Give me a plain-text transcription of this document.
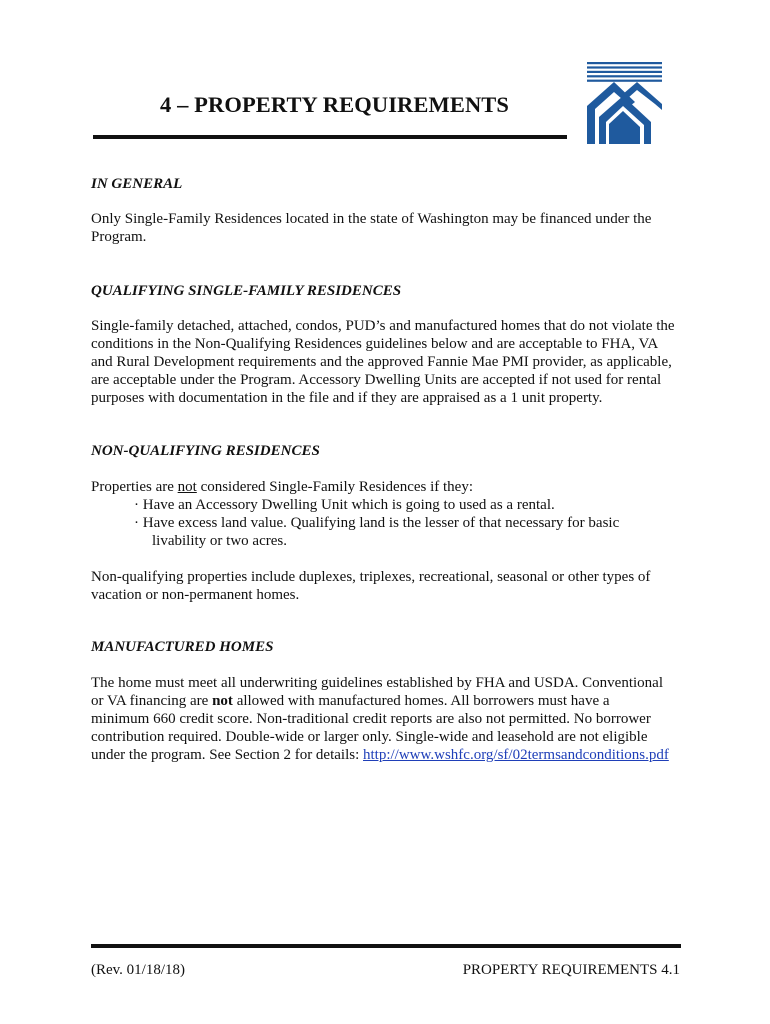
4 – PROPERTY REQUIREMENTS
IN GENERAL
Only Single-Family Residences located in the state of Washington may be financed under the
Program.
QUALIFYING SINGLE-FAMILY RESIDENCES
Single-family detached, attached, condos, PUD’s and manufactured homes that do not violate the
conditions in the Non-Qualifying Residences guidelines below and are acceptable to FHA, VA
and Rural Development requirements and the approved Fannie Mae PMI provider, as applicable,
are acceptable under the Program. Accessory Dwelling Units are accepted if not used for rental
purposes with documentation in the file and if they are appraised as a 1 unit property.
NON-QUALIFYING RESIDENCES
Properties are not considered Single-Family Residences if they:
· Have an Accessory Dwelling Unit which is going to used as a rental.
· Have excess land value. Qualifying land is the lesser of that necessary for basic
livability or two acres.
Non-qualifying properties include duplexes, triplexes, recreational, seasonal or other types of
vacation or non-permanent homes.
MANUFACTURED HOMES
The home must meet all underwriting guidelines established by FHA and USDA. Conventional
or VA financing are not allowed with manufactured homes. All borrowers must have a
minimum 660 credit score. Non-traditional credit reports are also not permitted. No borrower
contribution required. Double-wide or larger only. Single-wide and leasehold are not eligible
under the program. See Section 2 for details: http://www.wshfc.org/sf/02termsandconditions.pdf
(Rev. 01/18/18)	PROPERTY REQUIREMENTS 4.1
